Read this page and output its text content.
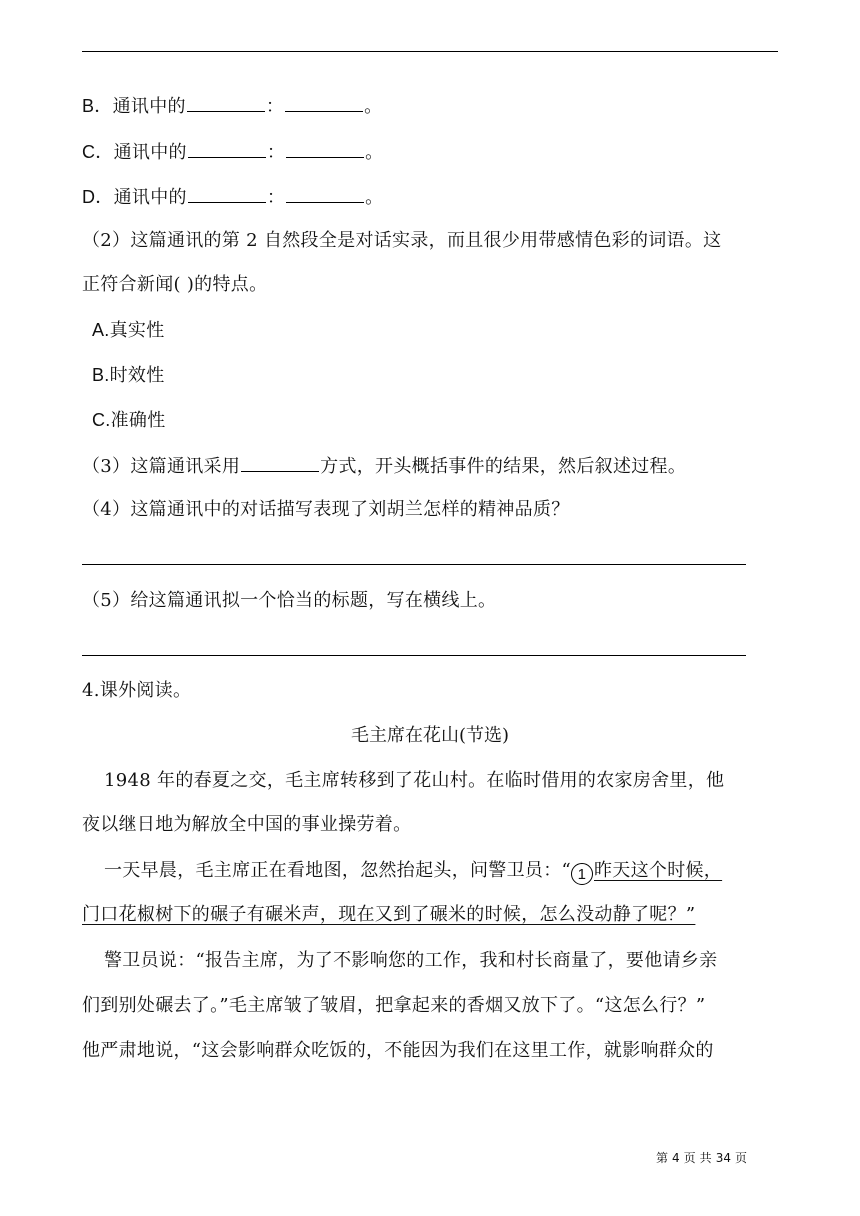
B．通讯中的	：	。
C．通讯中的	：	。
D．通讯中的	：	。
（2）这篇通讯的第 2 自然段全是对话实录，而且很少用带感情色彩的词语。这
正符合新闻( )的特点。
A.真实性
B.时效性
C.准确性
（3）这篇通讯采用	方式，开头概括事件的结果，然后叙述过程。
（4）这篇通讯中的对话描写表现了刘胡兰怎样的精神品质？
（5）给这篇通讯拟一个恰当的标题，写在横线上。
4.课外阅读。
毛主席在花山(节选)
1948 年的春夏之交，毛主席转移到了花山村。在临时借用的农家房舍里，他
夜以继日地为解放全中国的事业操劳着。
一天早晨，毛主席正在看地图，忽然抬起头，问警卫员：“ 1 昨天这个时候，
门口花椒树下的碾子有碾米声，现在又到了碾米的时候，怎么没动静了呢？”
警卫员说：“报告主席，为了不影响您的工作，我和村长商量了，要他请乡亲
们到别处碾去了。”毛主席皱了皱眉，把拿起来的香烟又放下了。“这怎么行？”
他严肃地说，“这会影响群众吃饭的，不能因为我们在这里工作，就影响群众的
第 4 页 共 34 页
